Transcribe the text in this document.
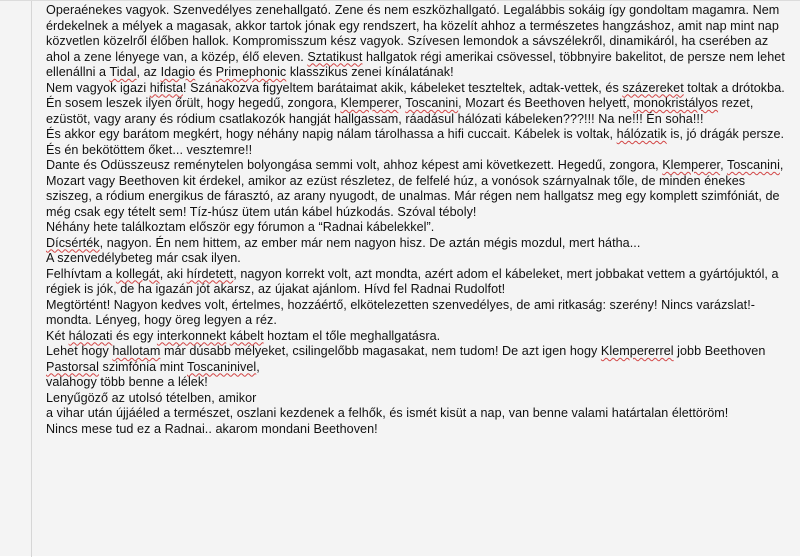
Operaénekes vagyok. Szenvedélyes zenehallgató. Zene és nem eszközhallgató. Legalábbis sokáig így gondoltam magamra. Nem érdekelnek a mélyek a magasak, akkor tartok jónak egy rendszert, ha közelít ahhoz a természetes hangzáshoz, amit nap mint nap közvetlen közelről élőben hallok. Kompromisszum kész vagyok. Szívesen lemondok a sávszélekről, dinamikáról, ha cserében az ahol a zene lényege van, a közép, élő eleven. Sztatikust hallgatok régi amerikai csövessel, többnyire bakelitot, de persze nem lehet ellenállni a Tidal, az Idagio és Primephonic klasszikus zenei kínálatának!
Nem vagyok igazi hifista! Szánakozva figyeltem barátaimat akik, kábeleket teszteltek, adtak-vettek, és százereket toltak a drótokba. Én sosem leszek ilyen őrült, hogy hegedű, zongora, Klemperer, Toscanini, Mozart és Beethoven helyett, monokristályos rezet, ezüstöt, vagy arany és ródium csatlakozók hangját hallgassam, ráadásul hálózati kábeleken???!!! Na ne!!! Én soha!!!
És akkor egy barátom megkért, hogy néhány napig nálam tárolhassa a hifi cuccait. Kábelek is voltak, hálózatik is, jó drágák persze. És én bekötöttem őket... vesztemre!!
Dante és Odüsszeusz reménytelen bolyongása semmi volt, ahhoz képest ami következett. Hegedű, zongora, Klemperer, Toscanini, Mozart vagy Beethoven kit érdekel, amikor az ezüst részletez, de felfelé húz, a vonósok szárnyalnak tőle, de minden énekes sziszeg, a ródium energikus de fárasztó, az arany nyugodt, de unalmas. Már régen nem hallgatsz meg egy komplett szimfóniát, de még csak egy tételt sem! Tíz-húsz ütem után kábel húzkodás. Szóval téboly!
Néhány hete találkoztam először egy fórumon a “Radnai kábelekkel”.
Dícsérték, nagyon. Én nem hittem, az ember már nem nagyon hisz. De aztán mégis mozdul, mert hátha...
A szenvedélybeteg már csak ilyen.
Felhívtam a kollegát, aki hírdetett, nagyon korrekt volt, azt mondta, azért adom el kábeleket, mert jobbakat vettem a gyártójuktól, a régiek is jók, de ha igazán jót akarsz, az újakat ajánlom. Hívd fel Radnai Rudolfot!
Megtörtént! Nagyon kedves volt, értelmes, hozzáértő, elkötelezetten szenvedélyes, de ami ritkaság: szerény! Nincs varázslat!-mondta. Lényeg, hogy öreg legyen a réz.
Két hálozati és egy interkonnekt kábelt hoztam el tőle meghallgatásra.
Lehet hogy hallotam már dúsabb mélyeket, csilingelőbb magasakat, nem tudom! De azt igen hogy Klempererrel jobb Beethoven Pastorsal szimfónia mint Toscaninivel,
valahogy több benne a lélek!
Lenyűgöző az utolsó tételben, amikor
a vihar után újjáéled a természet, oszlani kezdenek a felhők, és ismét kisüt a nap, van benne valami határtalan élettöröm!
Nincs mese tud ez a Radnai.. akarom mondani Beethoven!
